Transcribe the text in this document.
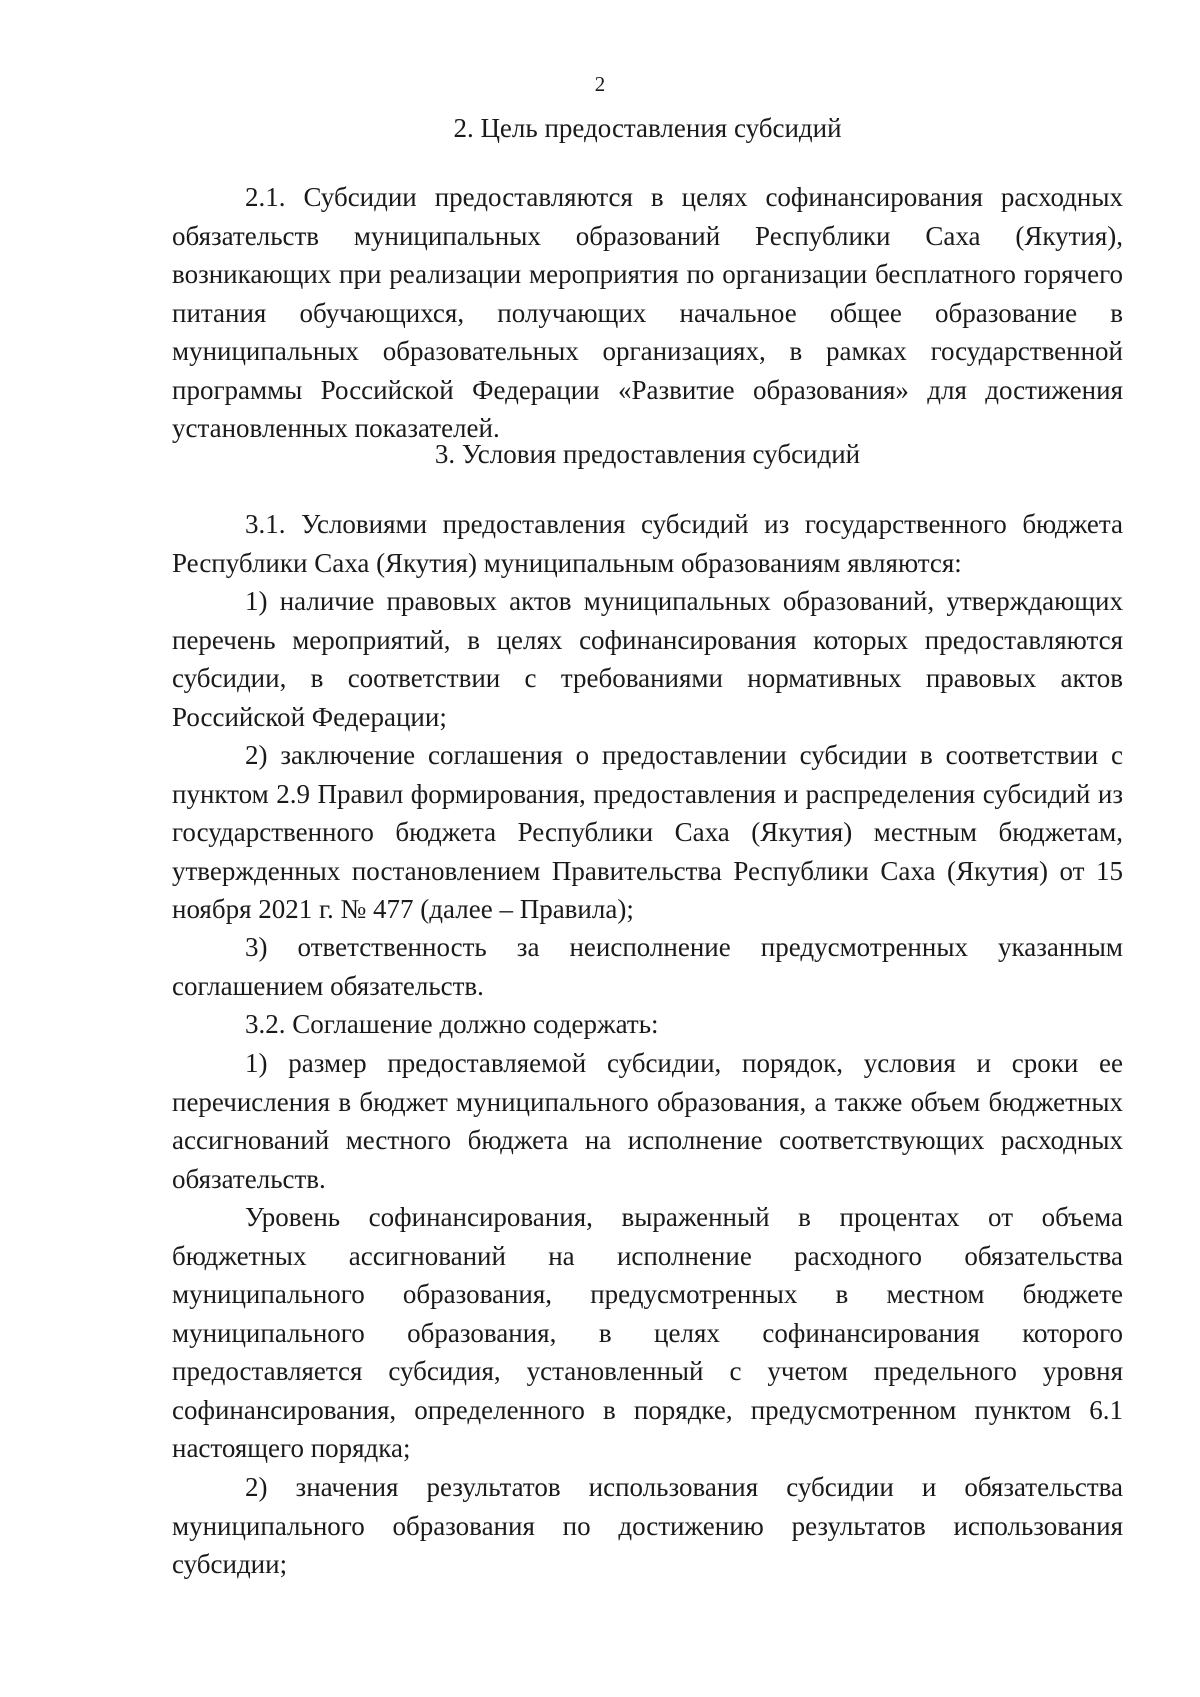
2
2. Цель предоставления субсидий

2.1. Субсидии предоставляются в целях софинансирования расходных обязательств муниципальных образований Республики Саха (Якутия), возникающих при реализации мероприятия по организации бесплатного горячего питания обучающихся, получающих начальное общее образование в муниципальных образовательных организациях, в рамках государственной программы Российской Федерации «Развитие образования» для достижения установленных показателей.

3. Условия предоставления субсидий

3.1. Условиями предоставления субсидий из государственного бюджета Республики Саха (Якутия) муниципальным образованиям являются:

1) наличие правовых актов муниципальных образований, утверждающих перечень мероприятий, в целях софинансирования которых предоставляются субсидии, в соответствии с требованиями нормативных правовых актов Российской Федерации;

2) заключение соглашения о предоставлении субсидии в соответствии с пунктом 2.9 Правил формирования, предоставления и распределения субсидий из государственного бюджета Республики Саха (Якутия) местным бюджетам, утвержденных постановлением Правительства Республики Саха (Якутия) от 15 ноября 2021 г. № 477 (далее – Правила);

3) ответственность за неисполнение предусмотренных указанным соглашением обязательств.

3.2. Соглашение должно содержать:

1) размер предоставляемой субсидии, порядок, условия и сроки ее перечисления в бюджет муниципального образования, а также объем бюджетных ассигнований местного бюджета на исполнение соответствующих расходных обязательств.

Уровень софинансирования, выраженный в процентах от объема бюджетных ассигнований на исполнение расходного обязательства муниципального образования, предусмотренных в местном бюджете муниципального образования, в целях софинансирования которого предоставляется субсидия, установленный с учетом предельного уровня софинансирования, определенного в порядке, предусмотренном пунктом 6.1 настоящего порядка;

2) значения результатов использования субсидии и обязательства муниципального образования по достижению результатов использования субсидии;
